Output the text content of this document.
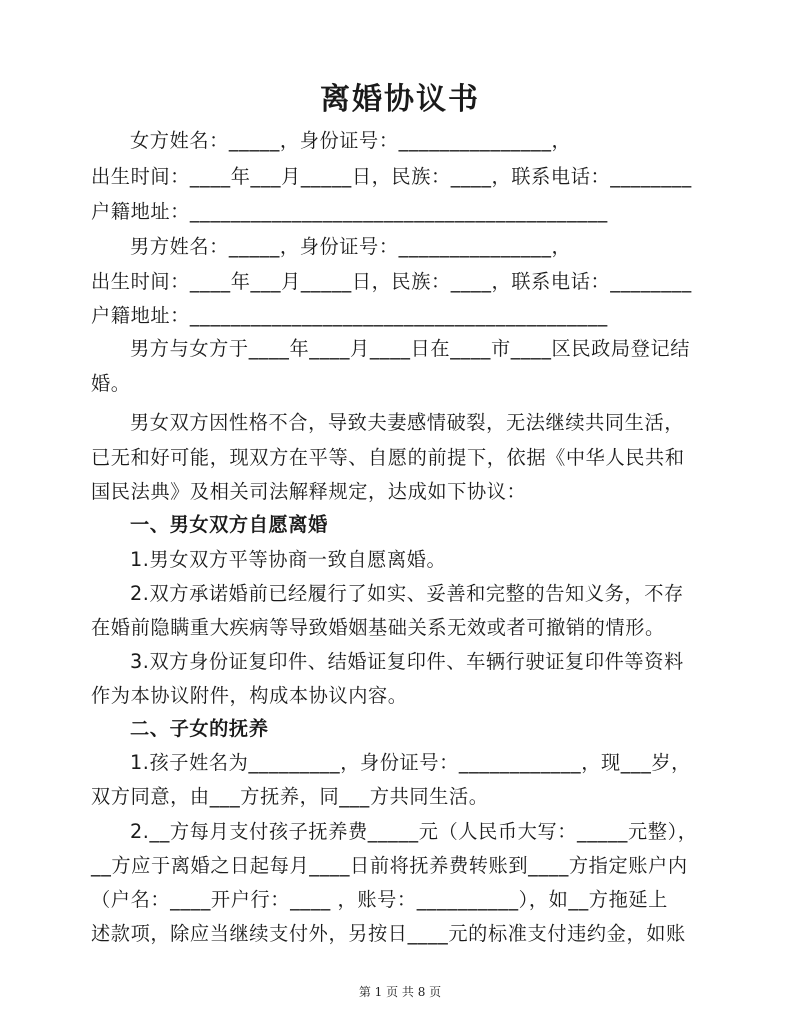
离婚协议书
女方姓名：_____，身份证号：_______________，
出生时间：____年___月_____日，民族：____，联系电话：________
户籍地址：_________________________________________
男方姓名：_____，身份证号：_______________，
出生时间：____年___月_____日，民族：____，联系电话：________
户籍地址：_________________________________________
男方与女方于____年____月____日在____市____区民政局登记结
婚。
男女双方因性格不合，导致夫妻感情破裂，无法继续共同生活，
已无和好可能，现双方在平等、自愿的前提下，依据《中华人民共和
国民法典》及相关司法解释规定，达成如下协议：
一、男女双方自愿离婚
1.男女双方平等协商一致自愿离婚。
2.双方承诺婚前已经履行了如实、妥善和完整的告知义务，不存
在婚前隐瞒重大疾病等导致婚姻基础关系无效或者可撤销的情形。
3.双方身份证复印件、结婚证复印件、车辆行驶证复印件等资料
作为本协议附件，构成本协议内容。
二、子女的抚养
1.孩子姓名为_________，身份证号：____________，现___岁，
双方同意，由___方抚养，同___方共同生活。
2.__方每月支付孩子抚养费_____元（人民币大写：_____元整），
__方应于离婚之日起每月____日前将抚养费转账到____方指定账户内
（户名：____开户行：____ ，账号：__________），如__方拖延上
述款项，除应当继续支付外，另按日____元的标准支付违约金，如账
第 1 页 共 8 页
